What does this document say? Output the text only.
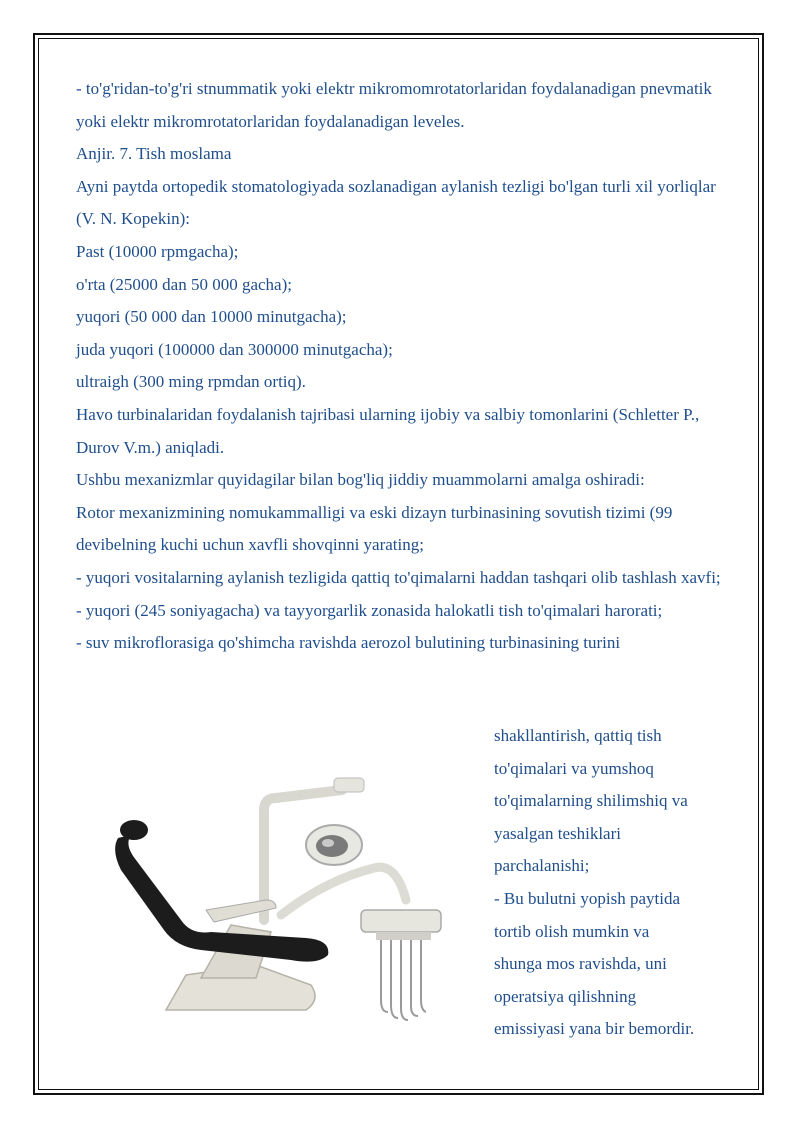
- to'g'ridan-to'g'ri stnummatik yoki elektr mikromomrotatorlaridan foydalanadigan pnevmatik yoki elektr mikromrotatorlaridan foydalanadigan leveles.

Anjir. 7. Tish moslama

Ayni paytda ortopedik stomatologiyada sozlanadigan aylanish tezligi bo'lgan turli xil yorliqlar (V. N. Kopekin):

Past (10000 rpmgacha);

o'rta (25000 dan 50 000 gacha);

yuqori (50 000 dan 10000 minutgacha);

juda yuqori (100000 dan 300000 minutgacha);

ultraigh (300 ming rpmdan ortiq).

Havo turbinalaridan foydalanish tajribasi ularning ijobiy va salbiy tomonlarini (Schletter P., Durov V.m.) aniqladi.

Ushbu mexanizmlar quyidagilar bilan bog'liq jiddiy muammolarni amalga oshiradi:

Rotor mexanizmining nomukammalligi va eski dizayn turbinasining sovutish tizimi (99 devibelning kuchi uchun xavfli shovqinni yarating;

- yuqori vositalarning aylanish tezligida qattiq to'qimalarni haddan tashqari olib tashlash xavfi;

- yuqori (245 soniyagacha) va tayyorgarlik zonasida halokatli tish to'qimalari harorati;

- suv mikroflorasiga qo'shimcha ravishda aerozol bulutining turbinasining turini

shakllantirish, qattiq tish
to'qimalari va yumshoq
to'qimalarning shilimshiq va
yasalgan teshiklari
parchalanishi;
- Bu bulutni yopish paytida
tortib olish mumkin va
shunga mos ravishda, uni
operatsiya qilishning
emissiyasi yana bir bemordir.
